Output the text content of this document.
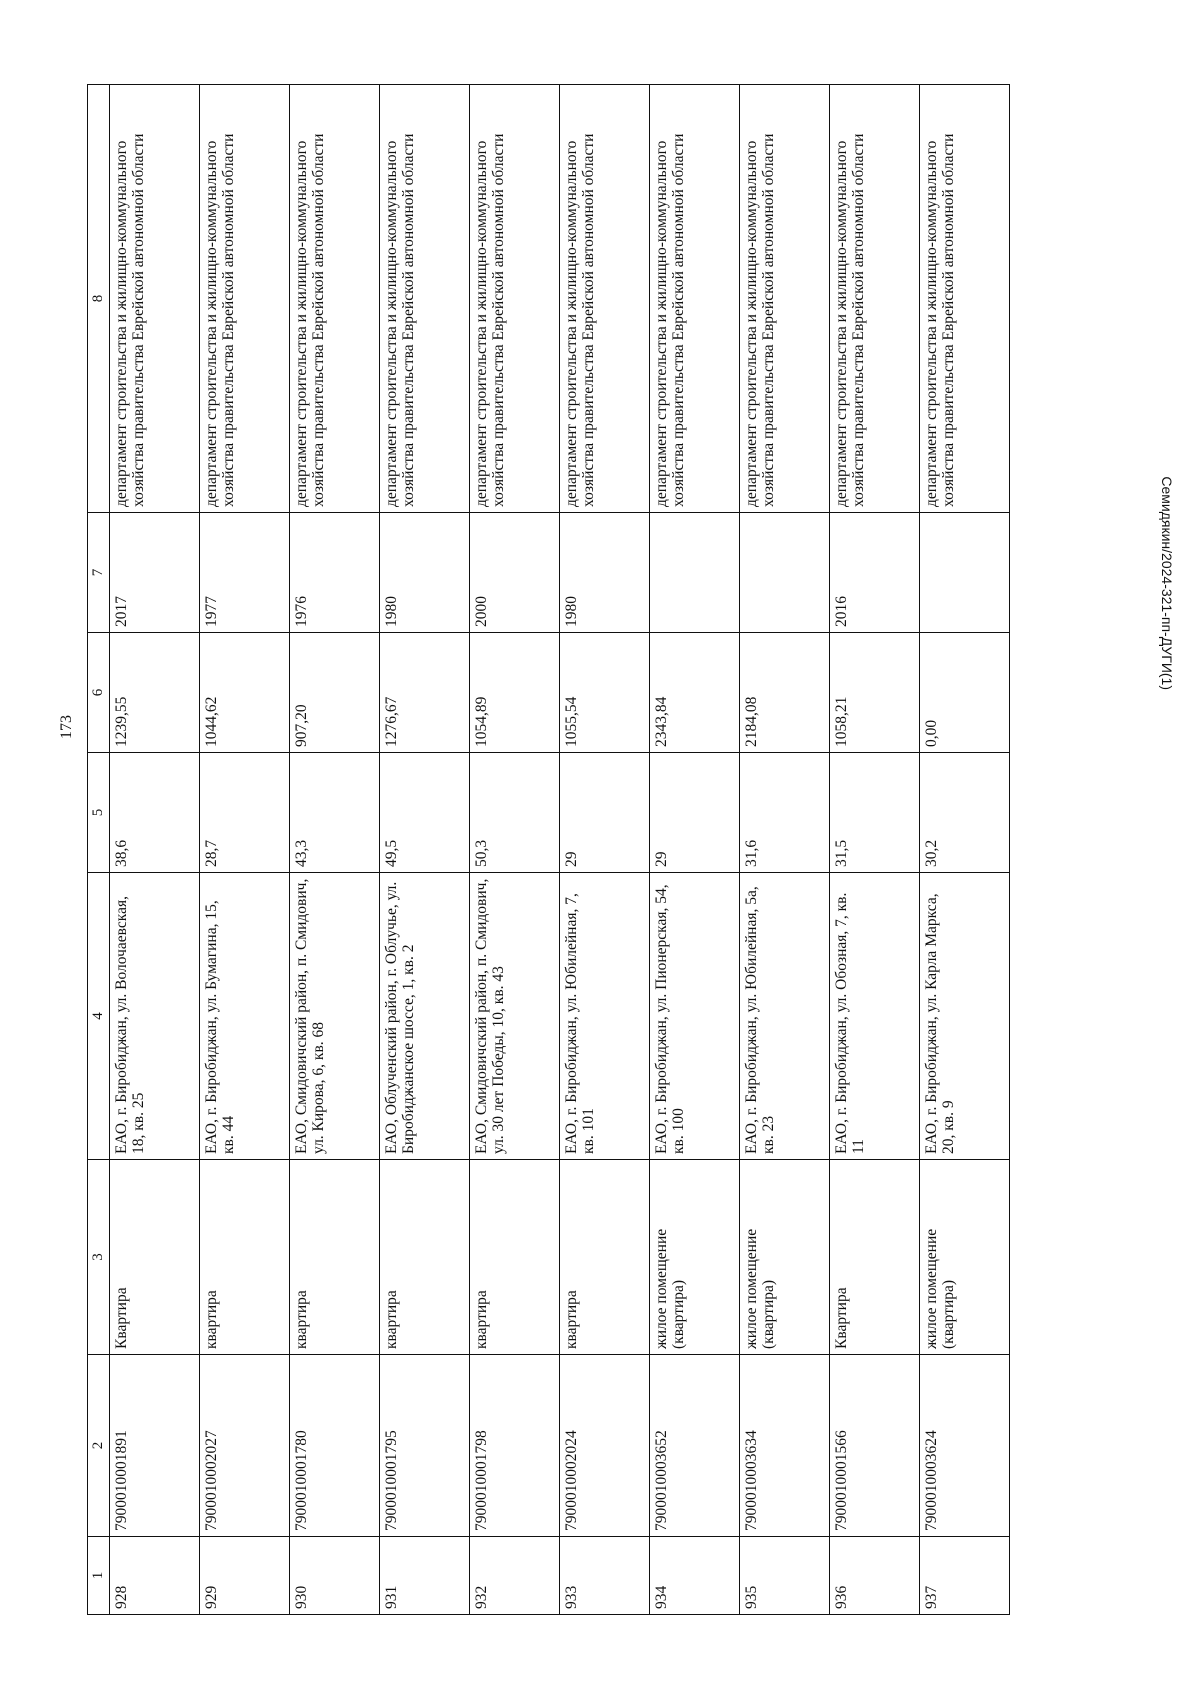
173
1	2	3	4	5	6	7	8
928	7900010001891	Квартира	ЕАО, г. Биробиджан, ул. Волочаевская, 18, кв. 25	38,6	1239,55	2017	департамент строительства и жилищно-коммунального хозяйства правительства Еврейской автономной области
929	7900010002027	квартира	ЕАО, г. Биробиджан, ул. Бумагина, 15, кв. 44	28,7	1044,62	1977	департамент строительства и жилищно-коммунального хозяйства правительства Еврейской автономной области
930	7900010001780	квартира	ЕАО, Смидовичский район, п. Смидович, ул. Кирова, 6, кв. 68	43,3	907,20	1976	департамент строительства и жилищно-коммунального хозяйства правительства Еврейской автономной области
931	7900010001795	квартира	ЕАО, Облученский район, г. Облучье, ул. Биробиджанское шоссе, 1, кв. 2	49,5	1276,67	1980	департамент строительства и жилищно-коммунального хозяйства правительства Еврейской автономной области
932	7900010001798	квартира	ЕАО, Смидовичский район, п. Смидович, ул. 30 лет Победы, 10, кв. 43	50,3	1054,89	2000	департамент строительства и жилищно-коммунального хозяйства правительства Еврейской автономной области
933	7900010002024	квартира	ЕАО, г. Биробиджан, ул. Юбилейная, 7, кв. 101	29	1055,54	1980	департамент строительства и жилищно-коммунального хозяйства правительства Еврейской автономной области
934	7900010003652	жилое помещение (квартира)	ЕАО, г. Биробиджан, ул. Пионерская, 54, кв. 100	29	2343,84		департамент строительства и жилищно-коммунального хозяйства правительства Еврейской автономной области
935	7900010003634	жилое помещение (квартира)	ЕАО, г. Биробиджан, ул. Юбилейная, 5а, кв. 23	31,6	2184,08		департамент строительства и жилищно-коммунального хозяйства правительства Еврейской автономной области
936	7900010001566	Квартира	ЕАО, г. Биробиджан, ул. Обозная, 7, кв. 11	31,5	1058,21	2016	департамент строительства и жилищно-коммунального хозяйства правительства Еврейской автономной области
937	7900010003624	жилое помещение (квартира)	ЕАО, г. Биробиджан, ул. Карла Маркса, 20, кв. 9	30,2	0,00		департамент строительства и жилищно-коммунального хозяйства правительства Еврейской автономной области
Семидякин/2024-321-пп-ДУГИ(1)
